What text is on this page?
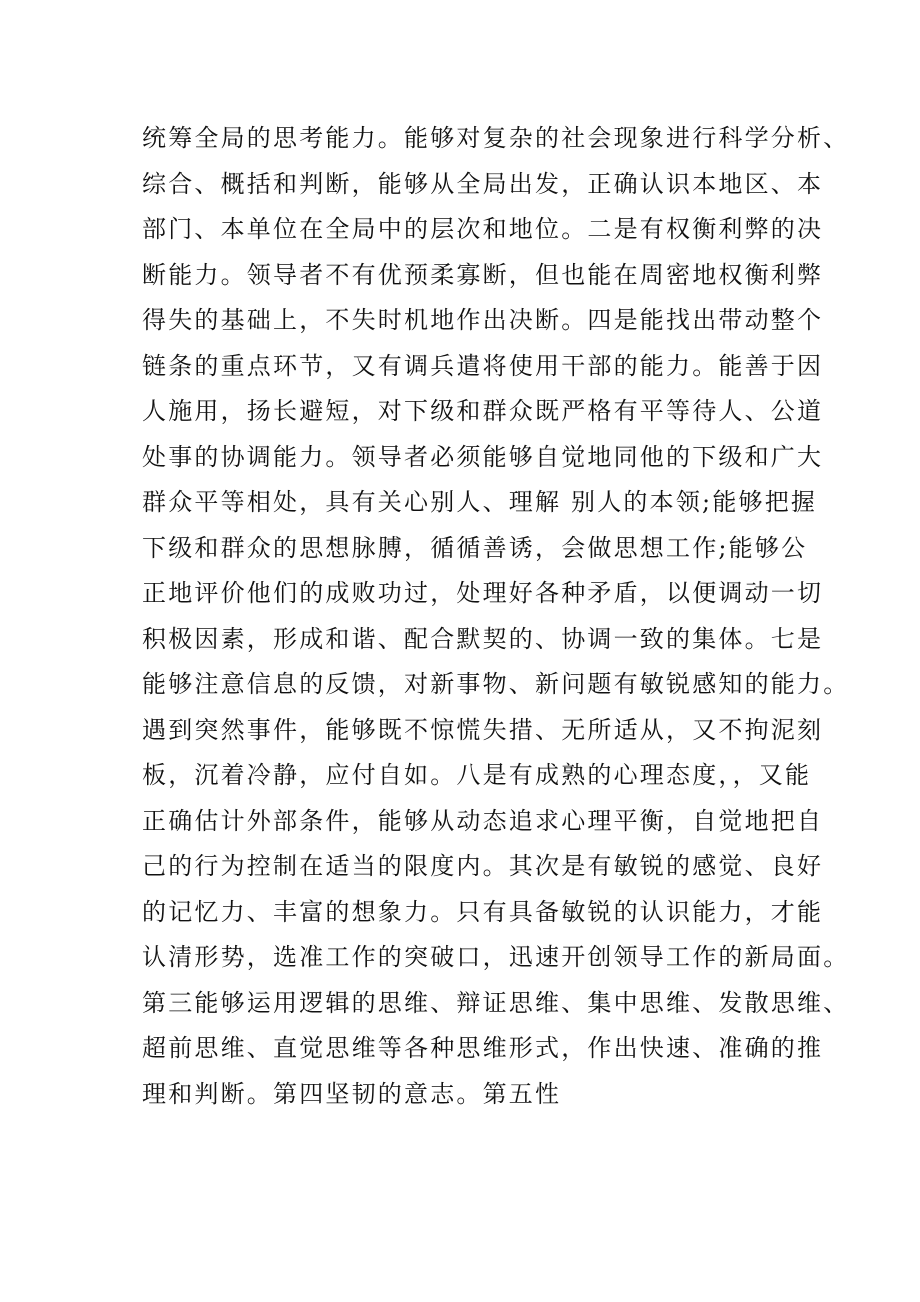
统筹全局的思考能力。能够对复杂的社会现象进行科学分析、
综合、概括和判断，能够从全局出发，正确认识本地区、本
部门、本单位在全局中的层次和地位。二是有权衡利弊的决
断能力。领导者不有优预柔寡断，但也能在周密地权衡利弊
得失的基础上，不失时机地作出决断。四是能找出带动整个
链条的重点环节，又有调兵遣将使用干部的能力。能善于因
人施用，扬长避短，对下级和群众既严格有平等待人、公道
处事的协调能力。领导者必须能够自觉地同他的下级和广大
群众平等相处，具有关心别人、理解 别人的本领;能够把握
下级和群众的思想脉膊，循循善诱，会做思想工作;能够公
正地评价他们的成败功过，处理好各种矛盾，以便调动一切
积极因素，形成和谐、配合默契的、协调一致的集体。七是
能够注意信息的反馈，对新事物、新问题有敏锐感知的能力。
遇到突然事件，能够既不惊慌失措、无所适从，又不拘泥刻
板，沉着冷静，应付自如。八是有成熟的心理态度，，又能
正确估计外部条件，能够从动态追求心理平衡，自觉地把自
己的行为控制在适当的限度内。其次是有敏锐的感觉、良好
的记忆力、丰富的想象力。只有具备敏锐的认识能力，才能
认清形势，选准工作的突破口，迅速开创领导工作的新局面。
第三能够运用逻辑的思维、辩证思维、集中思维、发散思维、
超前思维、直觉思维等各种思维形式，作出快速、准确的推
理和判断。第四坚韧的意志。第五性
